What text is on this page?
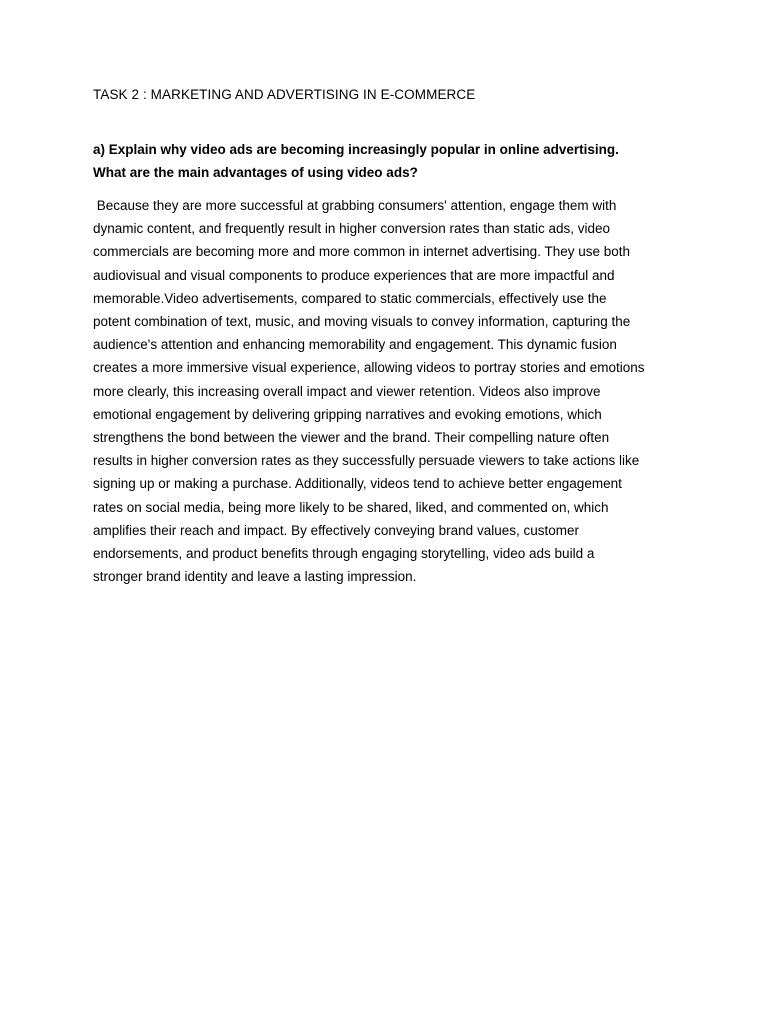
TASK 2 : MARKETING AND ADVERTISING IN E-COMMERCE
a) Explain why video ads are becoming increasingly popular in online advertising.
What are the main advantages of using video ads?
Because they are more successful at grabbing consumers' attention, engage them with
dynamic content, and frequently result in higher conversion rates than static ads, video
commercials are becoming more and more common in internet advertising. They use both
audiovisual and visual components to produce experiences that are more impactful and
memorable.Video advertisements, compared to static commercials, effectively use the
potent combination of text, music, and moving visuals to convey information, capturing the
audience's attention and enhancing memorability and engagement. This dynamic fusion
creates a more immersive visual experience, allowing videos to portray stories and emotions
more clearly, this increasing overall impact and viewer retention. Videos also improve
emotional engagement by delivering gripping narratives and evoking emotions, which
strengthens the bond between the viewer and the brand. Their compelling nature often
results in higher conversion rates as they successfully persuade viewers to take actions like
signing up or making a purchase. Additionally, videos tend to achieve better engagement
rates on social media, being more likely to be shared, liked, and commented on, which
amplifies their reach and impact. By effectively conveying brand values, customer
endorsements, and product benefits through engaging storytelling, video ads build a
stronger brand identity and leave a lasting impression.
